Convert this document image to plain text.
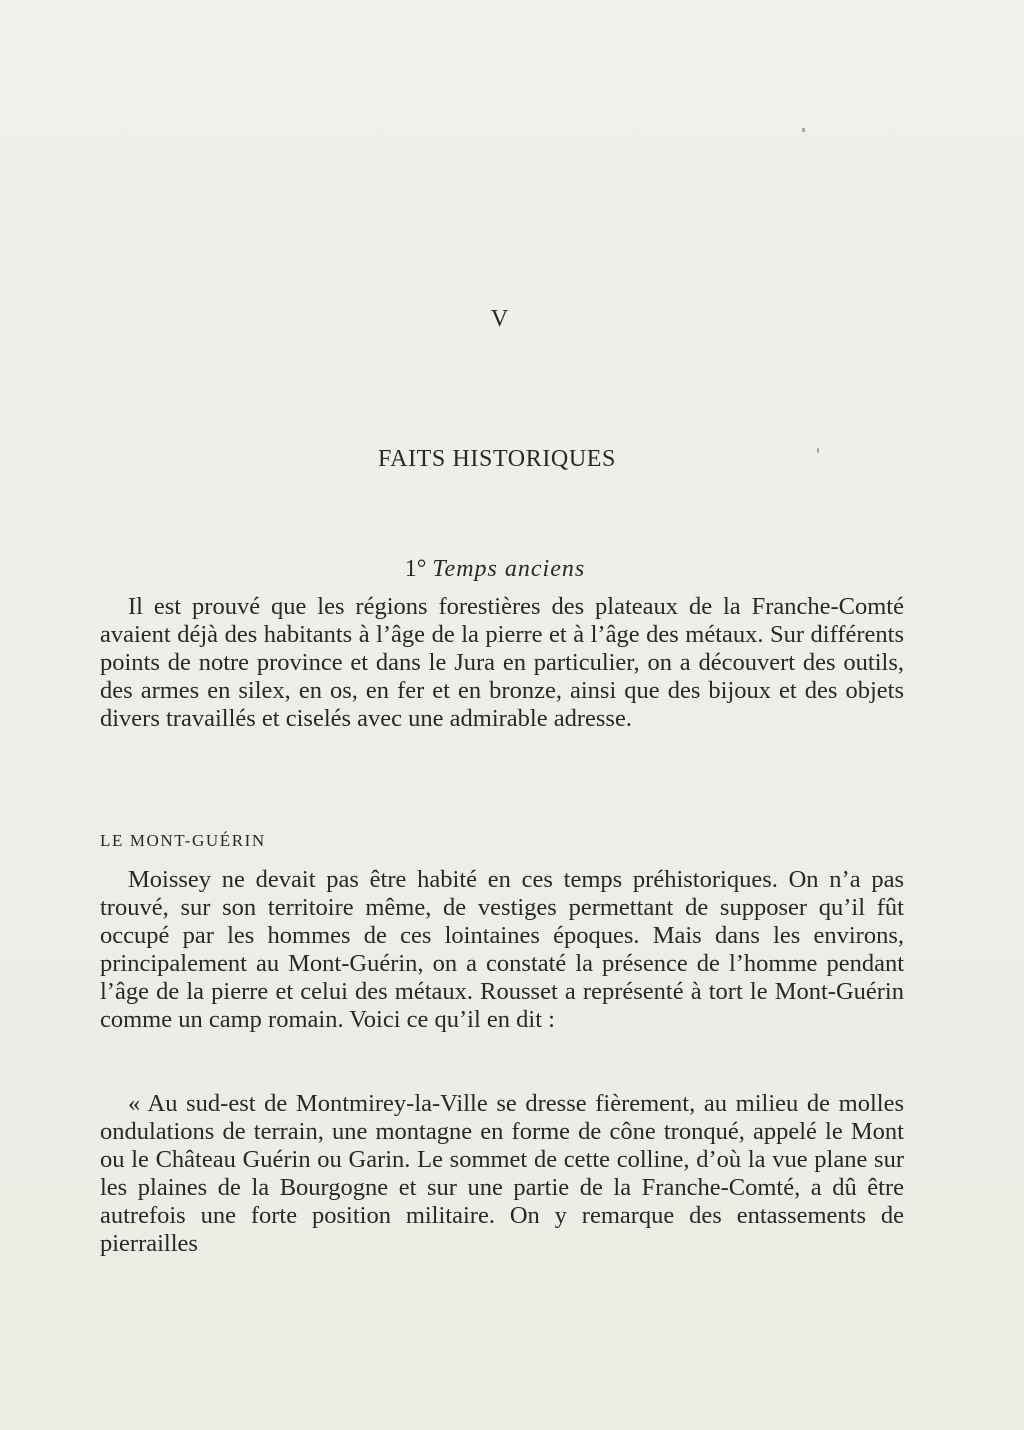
V
FAITS HISTORIQUES
1° Temps anciens

Il est prouvé que les régions forestières des plateaux de la Franche-Comté avaient déjà des habitants à l’âge de la pierre et à l’âge des métaux. Sur différents points de notre province et dans le Jura en particulier, on a découvert des outils, des armes en silex, en os, en fer et en bronze, ainsi que des bijoux et des objets divers travaillés et ciselés avec une admirable adresse.

LE MONT-GUÉRIN

Moissey ne devait pas être habité en ces temps préhistoriques. On n’a pas trouvé, sur son territoire même, de vestiges permettant de supposer qu’il fût occupé par les hommes de ces lointaines époques. Mais dans les environs, principalement au Mont-Guérin, on a constaté la présence de l’homme pendant l’âge de la pierre et celui des métaux. Rousset a représenté à tort le Mont-Guérin comme un camp romain. Voici ce qu’il en dit :

« Au sud-est de Montmirey-la-Ville se dresse fièrement, au milieu de molles ondulations de terrain, une montagne en forme de cône tronqué, appelé le Mont ou le Château Guérin ou Garin. Le sommet de cette colline, d’où la vue plane sur les plaines de la Bourgogne et sur une partie de la Franche-Comté, a dû être autrefois une forte position militaire. On y remarque des entassements de pierrailles
